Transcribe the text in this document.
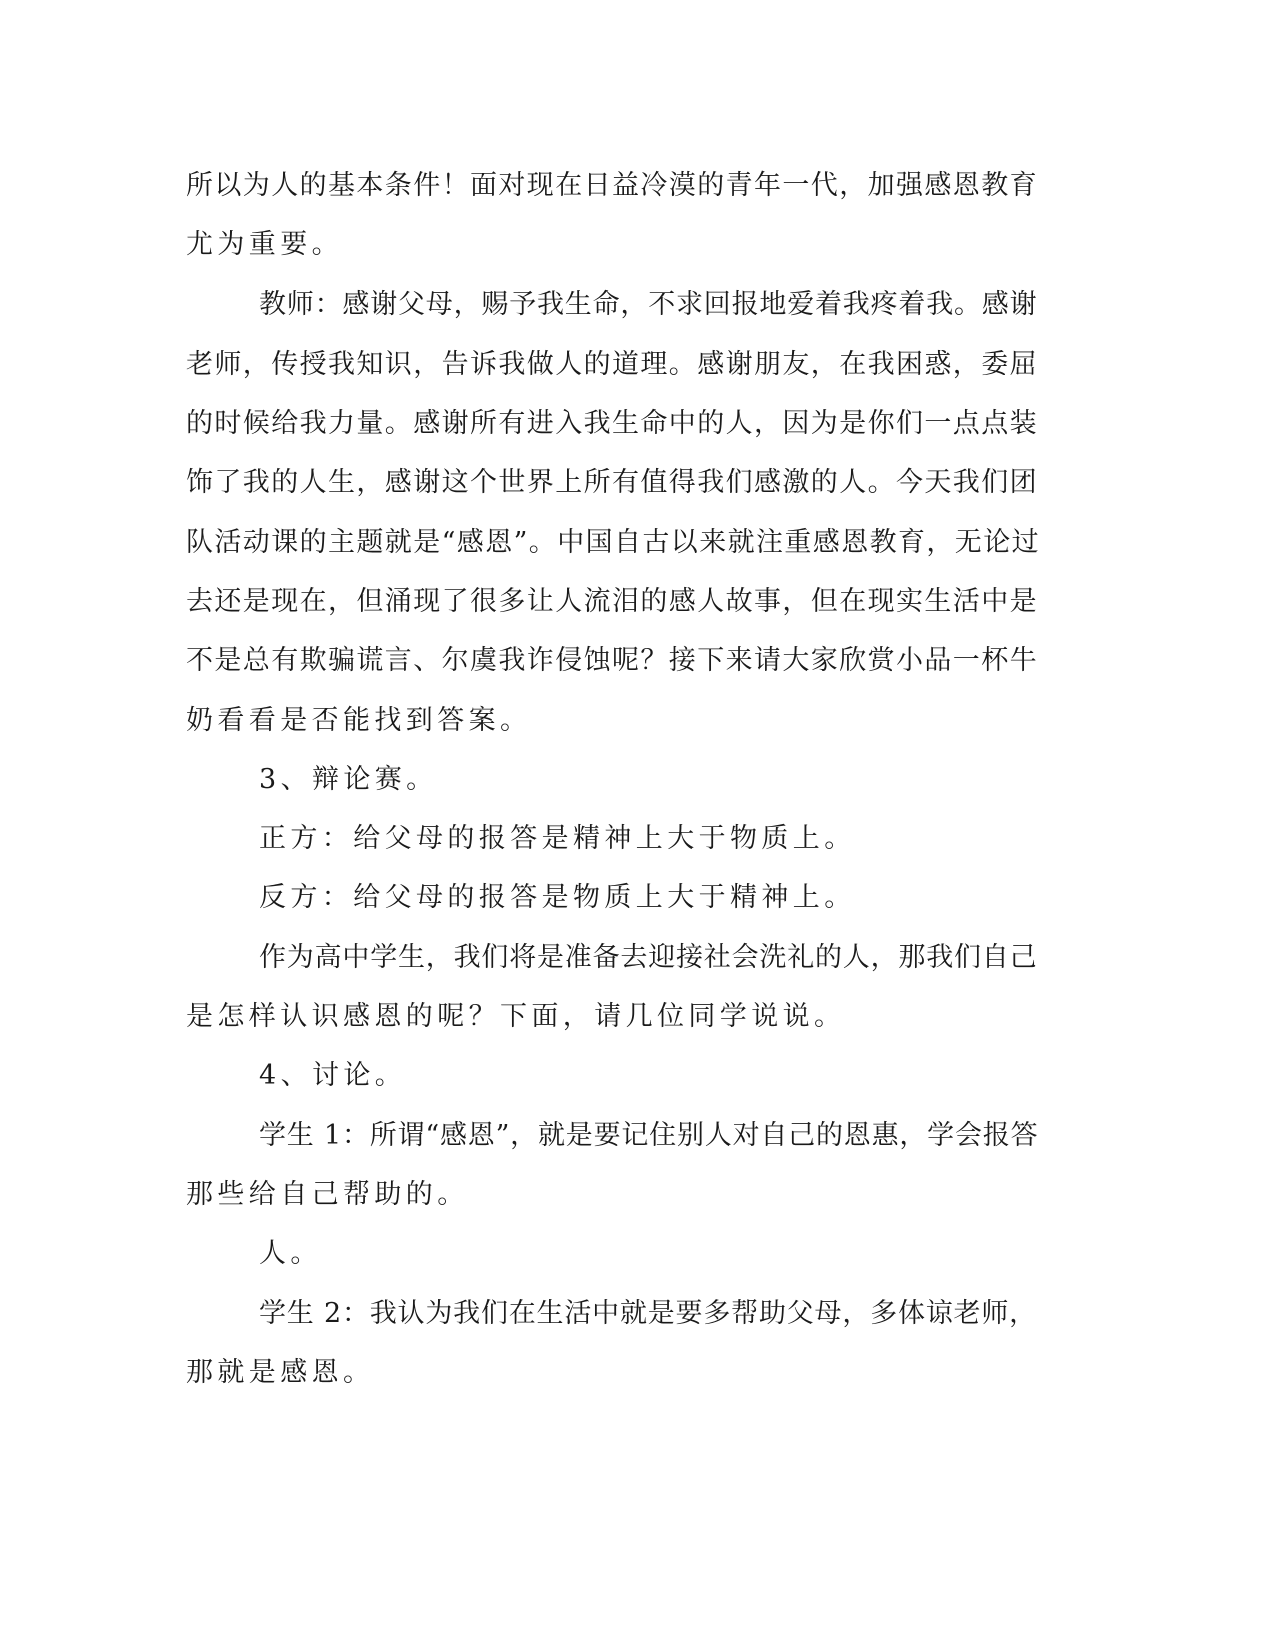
所以为人的基本条件！面对现在日益冷漠的青年一代，加强感恩教育
尤为重要。
教师：感谢父母，赐予我生命，不求回报地爱着我疼着我。感谢
老师，传授我知识，告诉我做人的道理。感谢朋友，在我困惑，委屈
的时候给我力量。感谢所有进入我生命中的人，因为是你们一点点装
饰了我的人生，感谢这个世界上所有值得我们感激的人。今天我们团
队活动课的主题就是“感恩”。中国自古以来就注重感恩教育，无论过
去还是现在，但涌现了很多让人流泪的感人故事，但在现实生活中是
不是总有欺骗谎言、尔虞我诈侵蚀呢？接下来请大家欣赏小品一杯牛
奶看看是否能找到答案。
3、辩论赛。
正方：给父母的报答是精神上大于物质上。
反方：给父母的报答是物质上大于精神上。
作为高中学生，我们将是准备去迎接社会洗礼的人，那我们自己
是怎样认识感恩的呢？下面，请几位同学说说。
4、讨论。
学生 1：所谓“感恩”，就是要记住别人对自己的恩惠，学会报答
那些给自己帮助的。
人。
学生 2：我认为我们在生活中就是要多帮助父母，多体谅老师，
那就是感恩。
